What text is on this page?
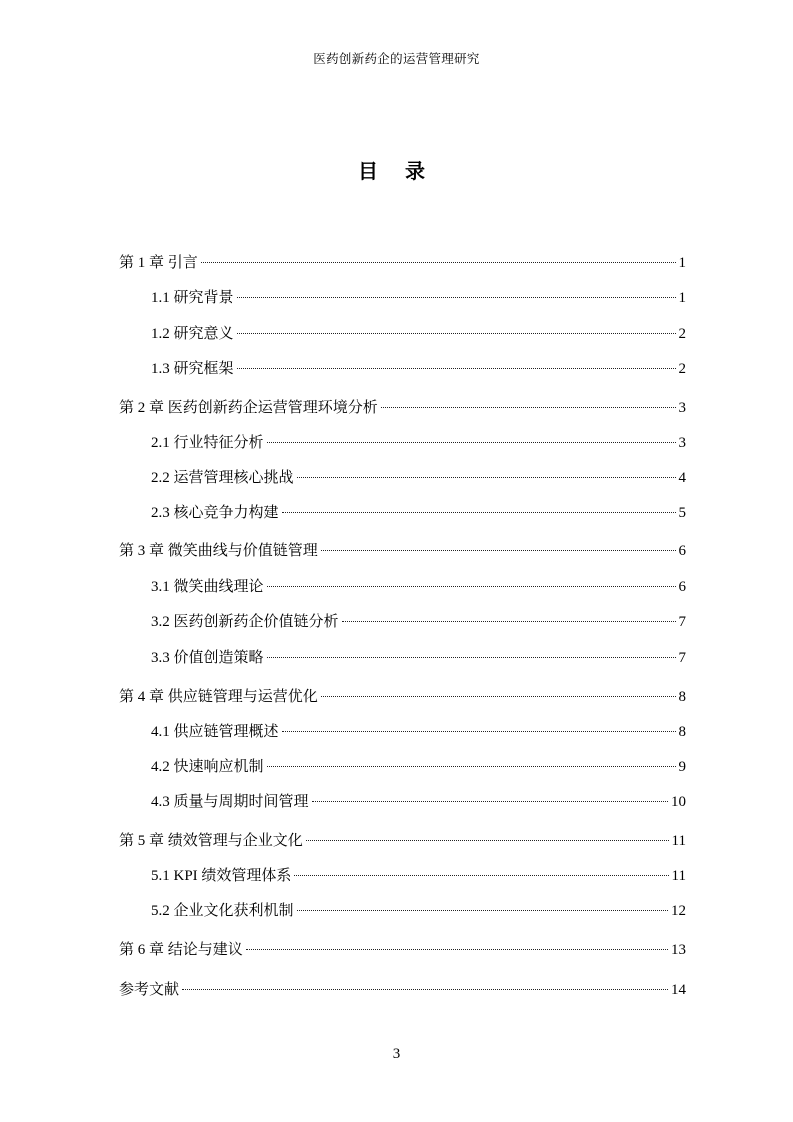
医药创新药企的运营管理研究
目 录
第 1 章 引言	1
1.1 研究背景	1
1.2 研究意义	2
1.3 研究框架	2
第 2 章 医药创新药企运营管理环境分析	3
2.1 行业特征分析	3
2.2 运营管理核心挑战	4
2.3 核心竞争力构建	5
第 3 章 微笑曲线与价值链管理	6
3.1 微笑曲线理论	6
3.2 医药创新药企价值链分析	7
3.3 价值创造策略	7
第 4 章 供应链管理与运营优化	8
4.1 供应链管理概述	8
4.2 快速响应机制	9
4.3 质量与周期时间管理	10
第 5 章 绩效管理与企业文化	11
5.1 KPI 绩效管理体系	11
5.2 企业文化获利机制	12
第 6 章 结论与建议	13
参考文献	14
3
